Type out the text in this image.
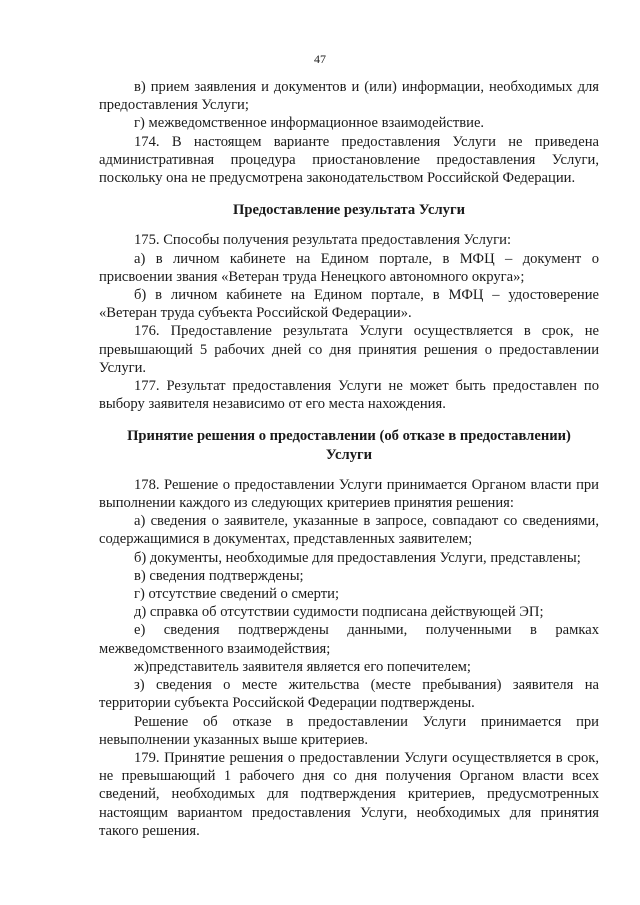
47

в) прием заявления и документов и (или) информации, необходимых для предоставления Услуги;

г) межведомственное информационное взаимодействие.

174. В настоящем варианте предоставления Услуги не приведена административная процедура приостановление предоставления Услуги, поскольку она не предусмотрена законодательством Российской Федерации.

Предоставление результата Услуги

175. Способы получения результата предоставления Услуги:

а) в личном кабинете на Едином портале, в МФЦ – документ о присвоении звания «Ветеран труда Ненецкого автономного округа»;

б) в личном кабинете на Едином портале, в МФЦ – удостоверение «Ветеран труда субъекта Российской Федерации».

176. Предоставление результата Услуги осуществляется в срок, не превышающий 5 рабочих дней со дня принятия решения о предоставлении Услуги.

177. Результат предоставления Услуги не может быть предоставлен по выбору заявителя независимо от его места нахождения.

Принятие решения о предоставлении (об отказе в предоставлении) Услуги

178. Решение о предоставлении Услуги принимается Органом власти при выполнении каждого из следующих критериев принятия решения:

а) сведения о заявителе, указанные в запросе, совпадают со сведениями, содержащимися в документах, представленных заявителем;

б) документы, необходимые для предоставления Услуги, представлены;

в) сведения подтверждены;

г) отсутствие сведений о смерти;

д) справка об отсутствии судимости подписана действующей ЭП;

е) сведения подтверждены данными, полученными в рамках межведомственного взаимодействия;

ж)представитель заявителя является его попечителем;

з) сведения о месте жительства (месте пребывания) заявителя на территории субъекта Российской Федерации подтверждены.

Решение об отказе в предоставлении Услуги принимается при невыполнении указанных выше критериев.

179. Принятие решения о предоставлении Услуги осуществляется в срок, не превышающий 1 рабочего дня со дня получения Органом власти всех сведений, необходимых для подтверждения критериев, предусмотренных настоящим вариантом предоставления Услуги, необходимых для принятия такого решения.
